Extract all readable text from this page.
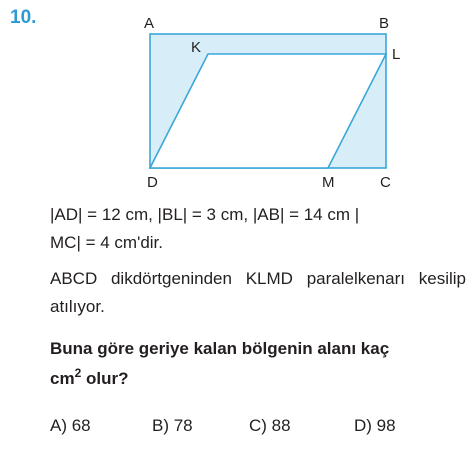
10.	A	B
K	L
D	M	C
|AD| = 12 cm, |BL| = 3 cm, |AB| = 14 cm |
MC| = 4 cm'dir.
ABCD dikdörtgeninden KLMD paralelkenarı kesilip atılıyor.
Buna göre geriye kalan bölgenin alanı kaç
$cm^2$ olur?
A) 68	B) 78	C) 88	D) 98
